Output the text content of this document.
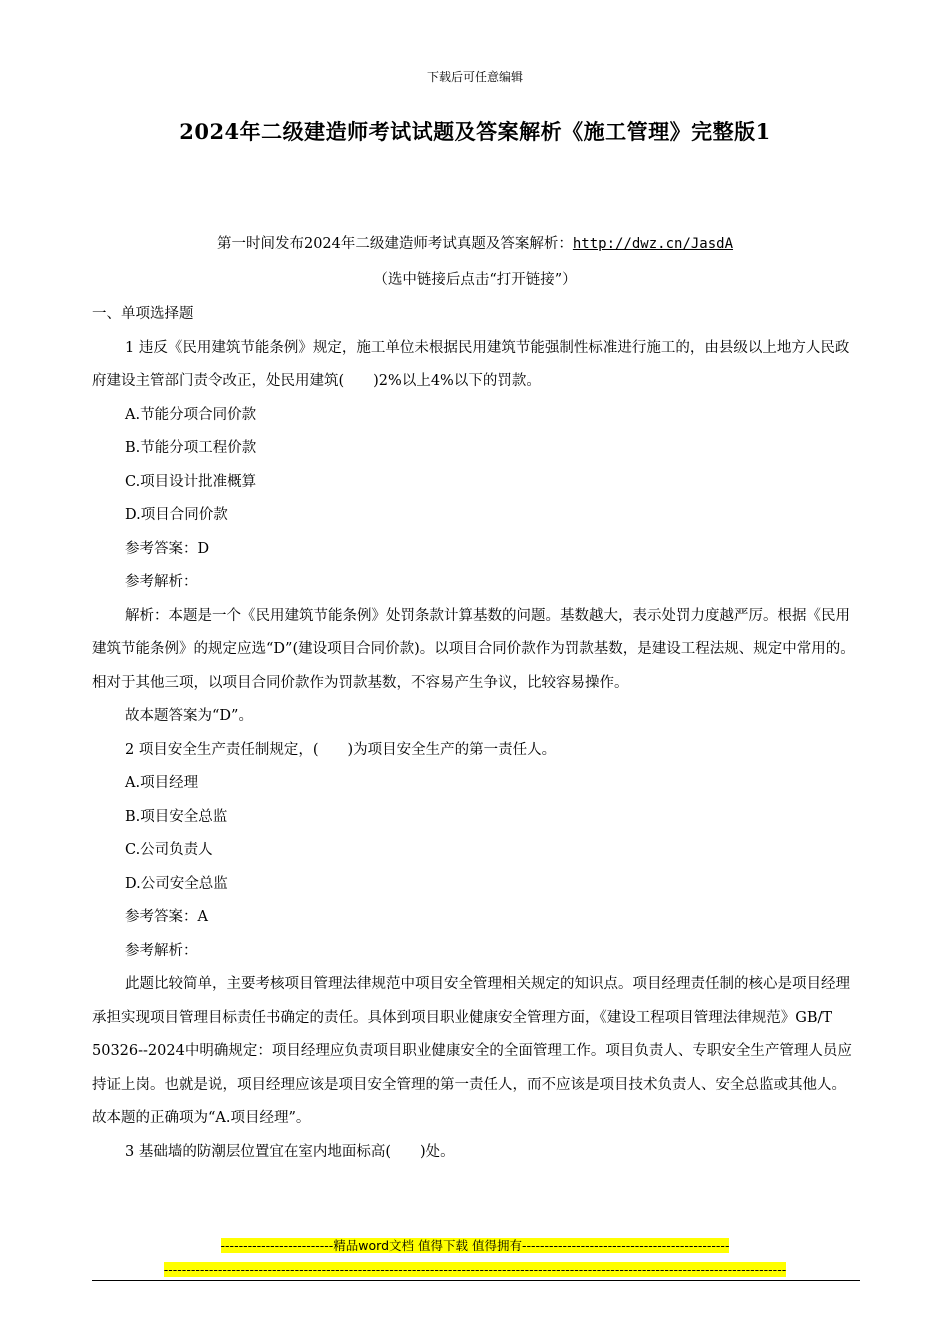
下载后可任意编辑
2024年二级建造师考试试题及答案解析《施工管理》完整版1
第一时间发布2024年二级建造师考试真题及答案解析：http://dwz.cn/JasdA
（选中链接后点击“打开链接”）

一、单项选择题

1 违反《民用建筑节能条例》规定，施工单位未根据民用建筑节能强制性标准进行施工的，由县级以上地方人民政府建设主管部门责令改正，处民用建筑(　　)2%以上4%以下的罚款。

A.节能分项合同价款

B.节能分项工程价款

C.项目设计批准概算

D.项目合同价款

参考答案：D

参考解析：

解析：本题是一个《民用建筑节能条例》处罚条款计算基数的问题。基数越大，表示处罚力度越严厉。根据《民用建筑节能条例》的规定应选“D”(建设项目合同价款)。以项目合同价款作为罚款基数，是建设工程法规、规定中常用的。相对于其他三项，以项目合同价款作为罚款基数，不容易产生争议，比较容易操作。

故本题答案为“D”。

2 项目安全生产责任制规定，(　　)为项目安全生产的第一责任人。

A.项目经理

B.项目安全总监

C.公司负责人

D.公司安全总监

参考答案：A

参考解析：

此题比较简单，主要考核项目管理法律规范中项目安全管理相关规定的知识点。项目经理责任制的核心是项目经理承担实现项目管理目标责任书确定的责任。具体到项目职业健康安全管理方面，《建设工程项目管理法律规范》GB/T 50326--2024中明确规定：项目经理应负责项目职业健康安全的全面管理工作。项目负责人、专职安全生产管理人员应持证上岗。也就是说，项目经理应该是项目安全管理的第一责任人，而不应该是项目技术负责人、安全总监或其他人。故本题的正确项为“A.项目经理”。

3 基础墙的防潮层位置宜在室内地面标高(　　)处。

-------------------------精品word文档 值得下载 值得拥有----------------------------------------------
------------------------------------------------------------------------------------------------------------------------------------------
